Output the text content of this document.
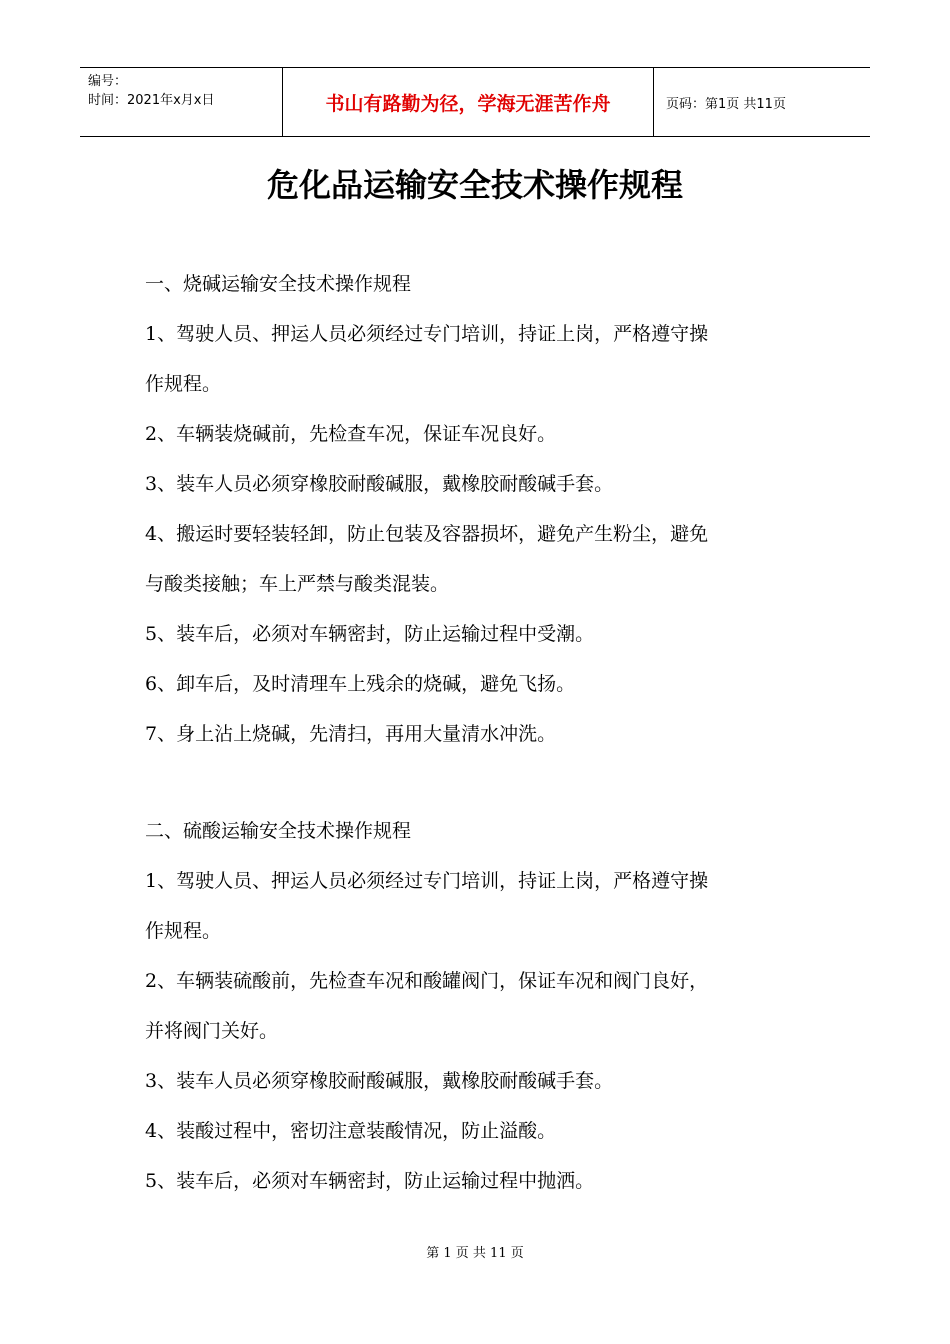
编号：
时间：2021年x月x日	书山有路勤为径，学海无涯苦作舟	页码：第1页 共11页
危化品运输安全技术操作规程
一、烧碱运输安全技术操作规程
1、驾驶人员、押运人员必须经过专门培训，持证上岗，严格遵守操
作规程。
2、车辆装烧碱前，先检查车况，保证车况良好。
3、装车人员必须穿橡胶耐酸碱服，戴橡胶耐酸碱手套。
4、搬运时要轻装轻卸，防止包装及容器损坏，避免产生粉尘，避免
与酸类接触；车上严禁与酸类混装。
5、装车后，必须对车辆密封，防止运输过程中受潮。
6、卸车后，及时清理车上残余的烧碱，避免飞扬。
7、身上沾上烧碱，先清扫，再用大量清水冲洗。
二、硫酸运输安全技术操作规程
1、驾驶人员、押运人员必须经过专门培训，持证上岗，严格遵守操
作规程。
2、车辆装硫酸前，先检查车况和酸罐阀门，保证车况和阀门良好，
并将阀门关好。
3、装车人员必须穿橡胶耐酸碱服，戴橡胶耐酸碱手套。
4、装酸过程中，密切注意装酸情况，防止溢酸。
5、装车后，必须对车辆密封，防止运输过程中抛洒。
第 1 页 共 11 页
